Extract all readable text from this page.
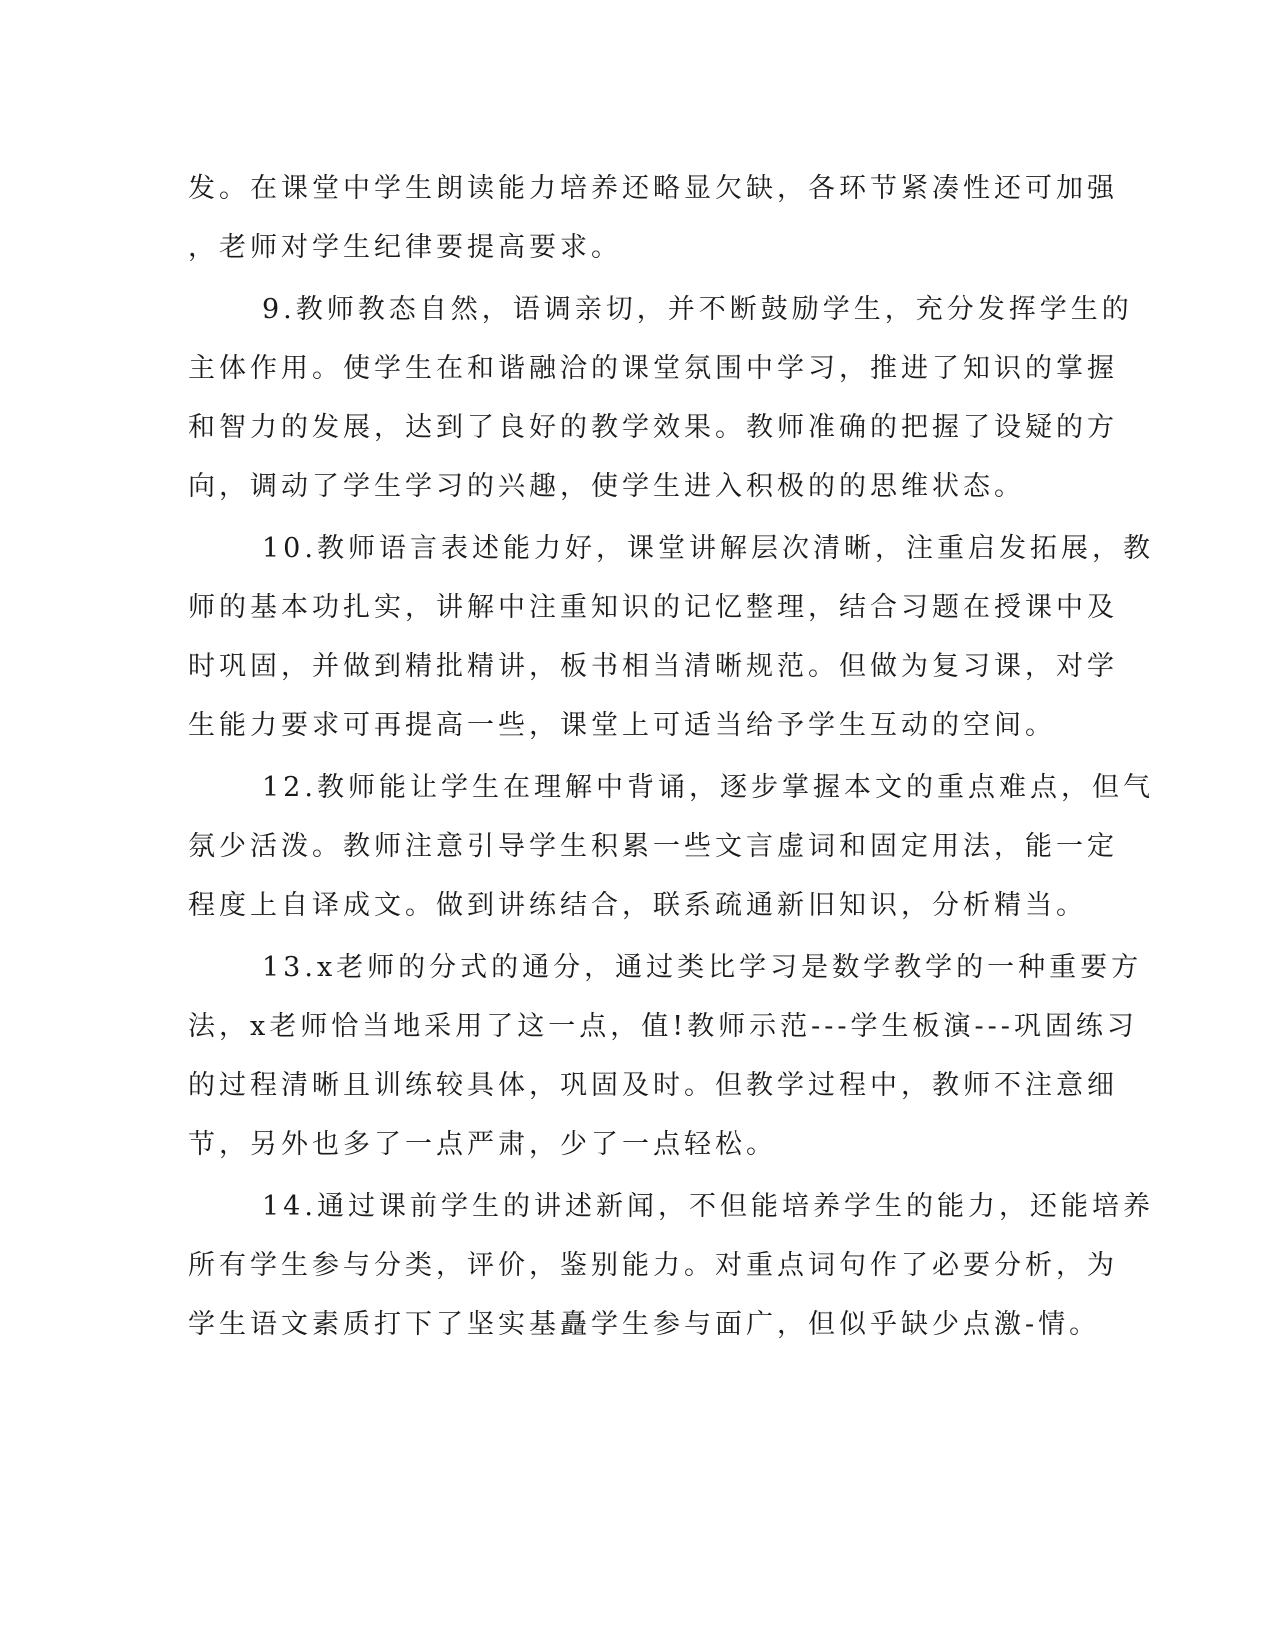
发。在课堂中学生朗读能力培养还略显欠缺，各环节紧凑性还可加强
，老师对学生纪律要提高要求。
9.教师教态自然，语调亲切，并不断鼓励学生，充分发挥学生的
主体作用。使学生在和谐融洽的课堂氛围中学习，推进了知识的掌握
和智力的发展，达到了良好的教学效果。教师准确的把握了设疑的方
向，调动了学生学习的兴趣，使学生进入积极的的思维状态。
10.教师语言表述能力好，课堂讲解层次清晰，注重启发拓展，教
师的基本功扎实，讲解中注重知识的记忆整理，结合习题在授课中及
时巩固，并做到精批精讲，板书相当清晰规范。但做为复习课，对学
生能力要求可再提高一些，课堂上可适当给予学生互动的空间。
12.教师能让学生在理解中背诵，逐步掌握本文的重点难点，但气
氛少活泼。教师注意引导学生积累一些文言虚词和固定用法，能一定
程度上自译成文。做到讲练结合，联系疏通新旧知识，分析精当。
13.x老师的分式的通分，通过类比学习是数学教学的一种重要方
法，x老师恰当地采用了这一点，值!教师示范---学生板演---巩固练习
的过程清晰且训练较具体，巩固及时。但教学过程中，教师不注意细
节，另外也多了一点严肃，少了一点轻松。
14.通过课前学生的讲述新闻，不但能培养学生的能力，还能培养
所有学生参与分类，评价，鉴别能力。对重点词句作了必要分析，为
学生语文素质打下了坚实基矗学生参与面广，但似乎缺少点激-情。
